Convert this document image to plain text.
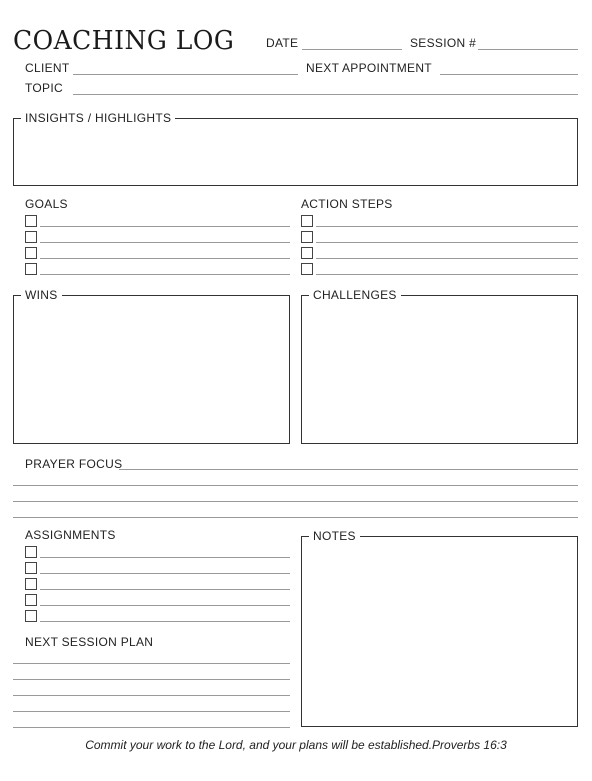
COACHING LOG	DATE	SESSION #
CLIENT	NEXT APPOINTMENT
TOPIC
INSIGHTS / HIGHLIGHTS
GOALS	ACTION STEPS
WINS	CHALLENGES
PRAYER FOCUS
ASSIGNMENTS
NEXT SESSION PLAN
NOTES
Commit your work to the Lord, and your plans will be established.Proverbs 16:3
